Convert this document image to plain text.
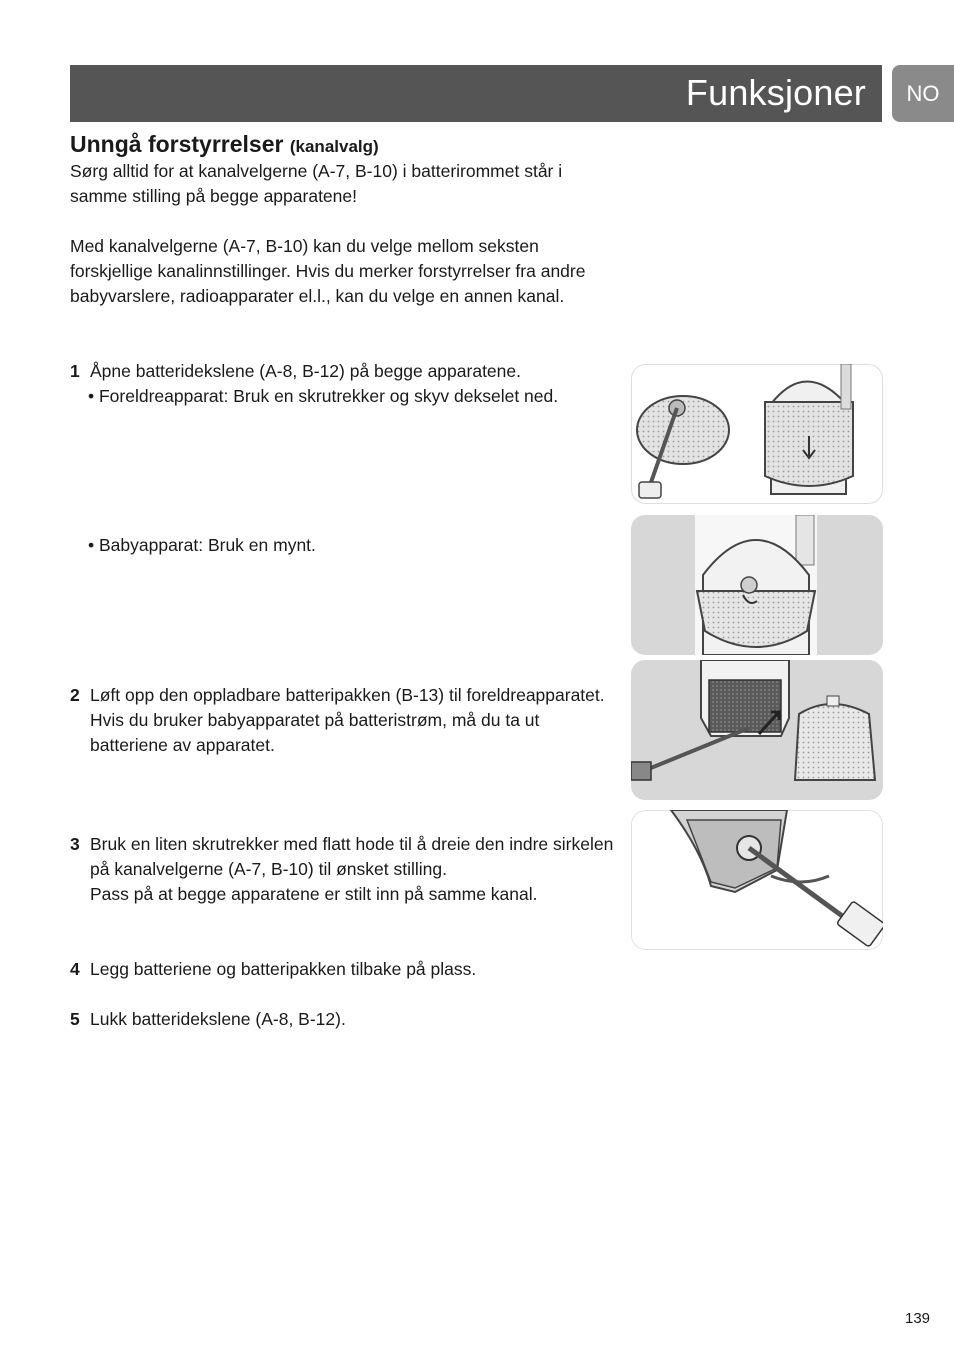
Funksjoner	NO
Unngå forstyrrelser (kanalvalg)

Sørg alltid for at kanalvelgerne (A-7, B-10) i batterirommet står i samme stilling på begge apparatene!

Med kanalvelgerne (A-7, B-10) kan du velge mellom seksten forskjellige kanalinnstillinger. Hvis du merker forstyrrelser fra andre babyvarslere, radioapparater el.l., kan du velge en annen kanal.

1 Åpne batteridekslene (A-8, B-12) på begge apparatene.

• Foreldreapparat: Bruk en skrutrekker og skyv dekselet ned.

• Babyapparat: Bruk en mynt.

2 Løft opp den oppladbare batteripakken (B-13) til foreldreapparatet.
Hvis du bruker babyapparatet på batteristrøm, må du ta ut batteriene av apparatet.
3 Bruk en liten skrutrekker med flatt hode til å dreie den indre sirkelen på kanalvelgerne (A-7, B-10) til ønsket stilling.
Pass på at begge apparatene er stilt inn på samme kanal.
4 Legg batteriene og batteripakken tilbake på plass.
5 Lukk batteridekslene (A-8, B-12).
139
